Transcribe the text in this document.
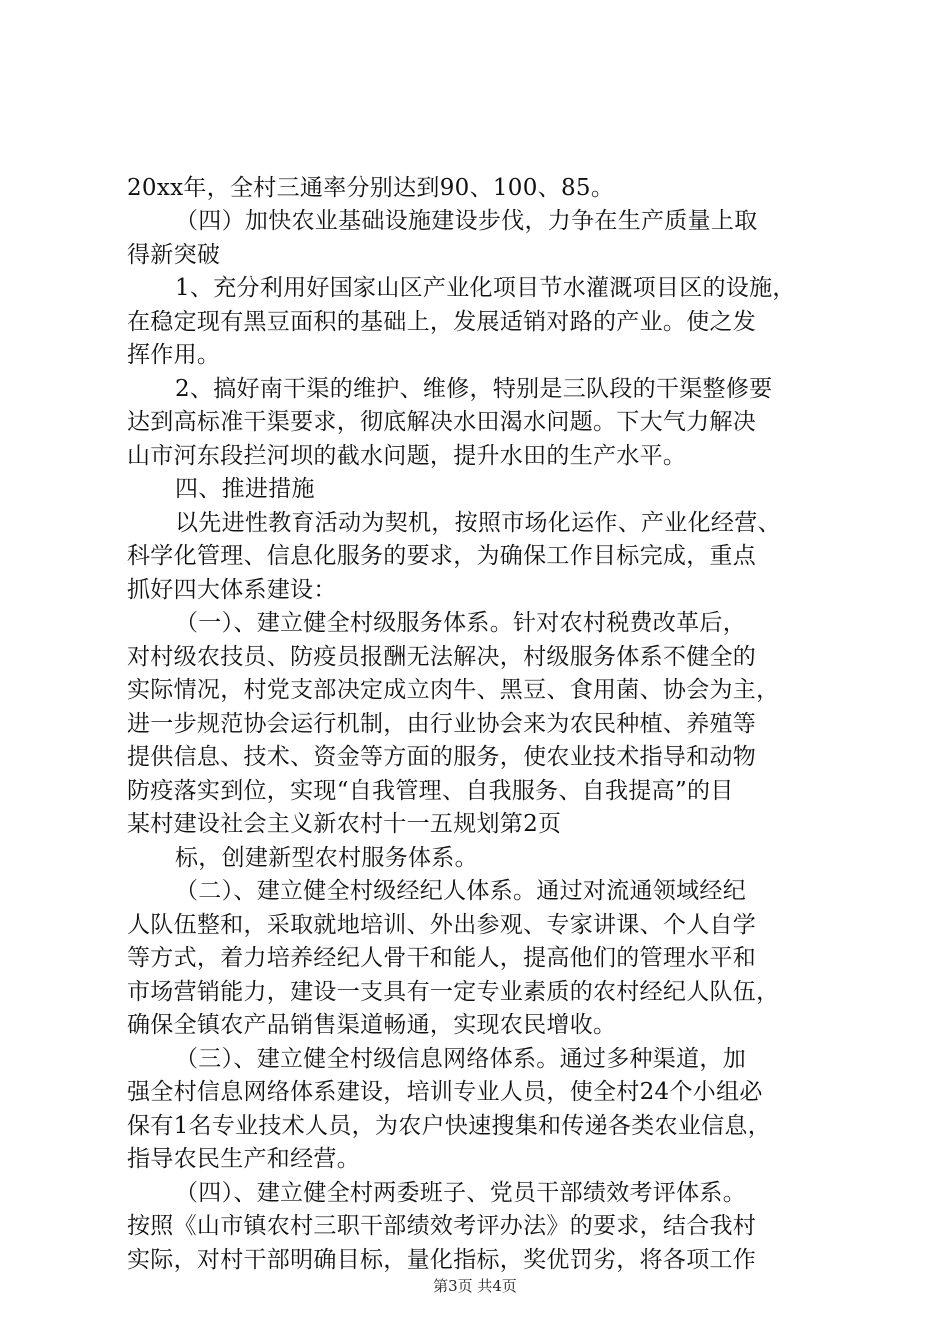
20xx年，全村三通率分别达到90、100、85。
（四）加快农业基础设施建设步伐，力争在生产质量上取
得新突破
1、充分利用好国家山区产业化项目节水灌溉项目区的设施，
在稳定现有黑豆面积的基础上，发展适销对路的产业。使之发
挥作用。
2、搞好南干渠的维护、维修，特别是三队段的干渠整修要
达到高标准干渠要求，彻底解决水田渴水问题。下大气力解决
山市河东段拦河坝的截水问题，提升水田的生产水平。
四、推进措施
以先进性教育活动为契机，按照市场化运作、产业化经营、
科学化管理、信息化服务的要求，为确保工作目标完成，重点
抓好四大体系建设：
（一）、建立健全村级服务体系。针对农村税费改革后，
对村级农技员、防疫员报酬无法解决，村级服务体系不健全的
实际情况，村党支部决定成立肉牛、黑豆、食用菌、协会为主，
进一步规范协会运行机制，由行业协会来为农民种植、养殖等
提供信息、技术、资金等方面的服务，使农业技术指导和动物
防疫落实到位，实现“自我管理、自我服务、自我提高”的目
某村建设社会主义新农村十一五规划第2页
标，创建新型农村服务体系。
（二）、建立健全村级经纪人体系。通过对流通领域经纪
人队伍整和，采取就地培训、外出参观、专家讲课、个人自学
等方式，着力培养经纪人骨干和能人，提高他们的管理水平和
市场营销能力，建设一支具有一定专业素质的农村经纪人队伍，
确保全镇农产品销售渠道畅通，实现农民增收。
（三）、建立健全村级信息网络体系。通过多种渠道，加
强全村信息网络体系建设，培训专业人员，使全村24个小组必
保有1名专业技术人员，为农户快速搜集和传递各类农业信息，
指导农民生产和经营。
（四）、建立健全村两委班子、党员干部绩效考评体系。
按照《山市镇农村三职干部绩效考评办法》的要求，结合我村
实际，对村干部明确目标，量化指标，奖优罚劣，将各项工作
第3页 共4页
